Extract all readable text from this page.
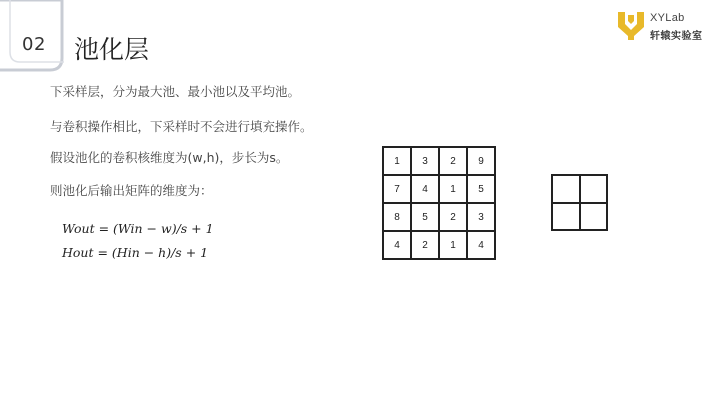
02 池化层
XYLab
轩辕实验室
下采样层，分为最大池、最小池以及平均池。
与卷积操作相比，下采样时不会进行填充操作。
假设池化的卷积核维度为(w,h)，步长为s。
则池化后输出矩阵的维度为：
Wout = (Win − w)/s + 1
Hout = (Hin − h)/s + 1
1	3	2	9
7	4	1	5
8	5	2	3
4	2	1	4
